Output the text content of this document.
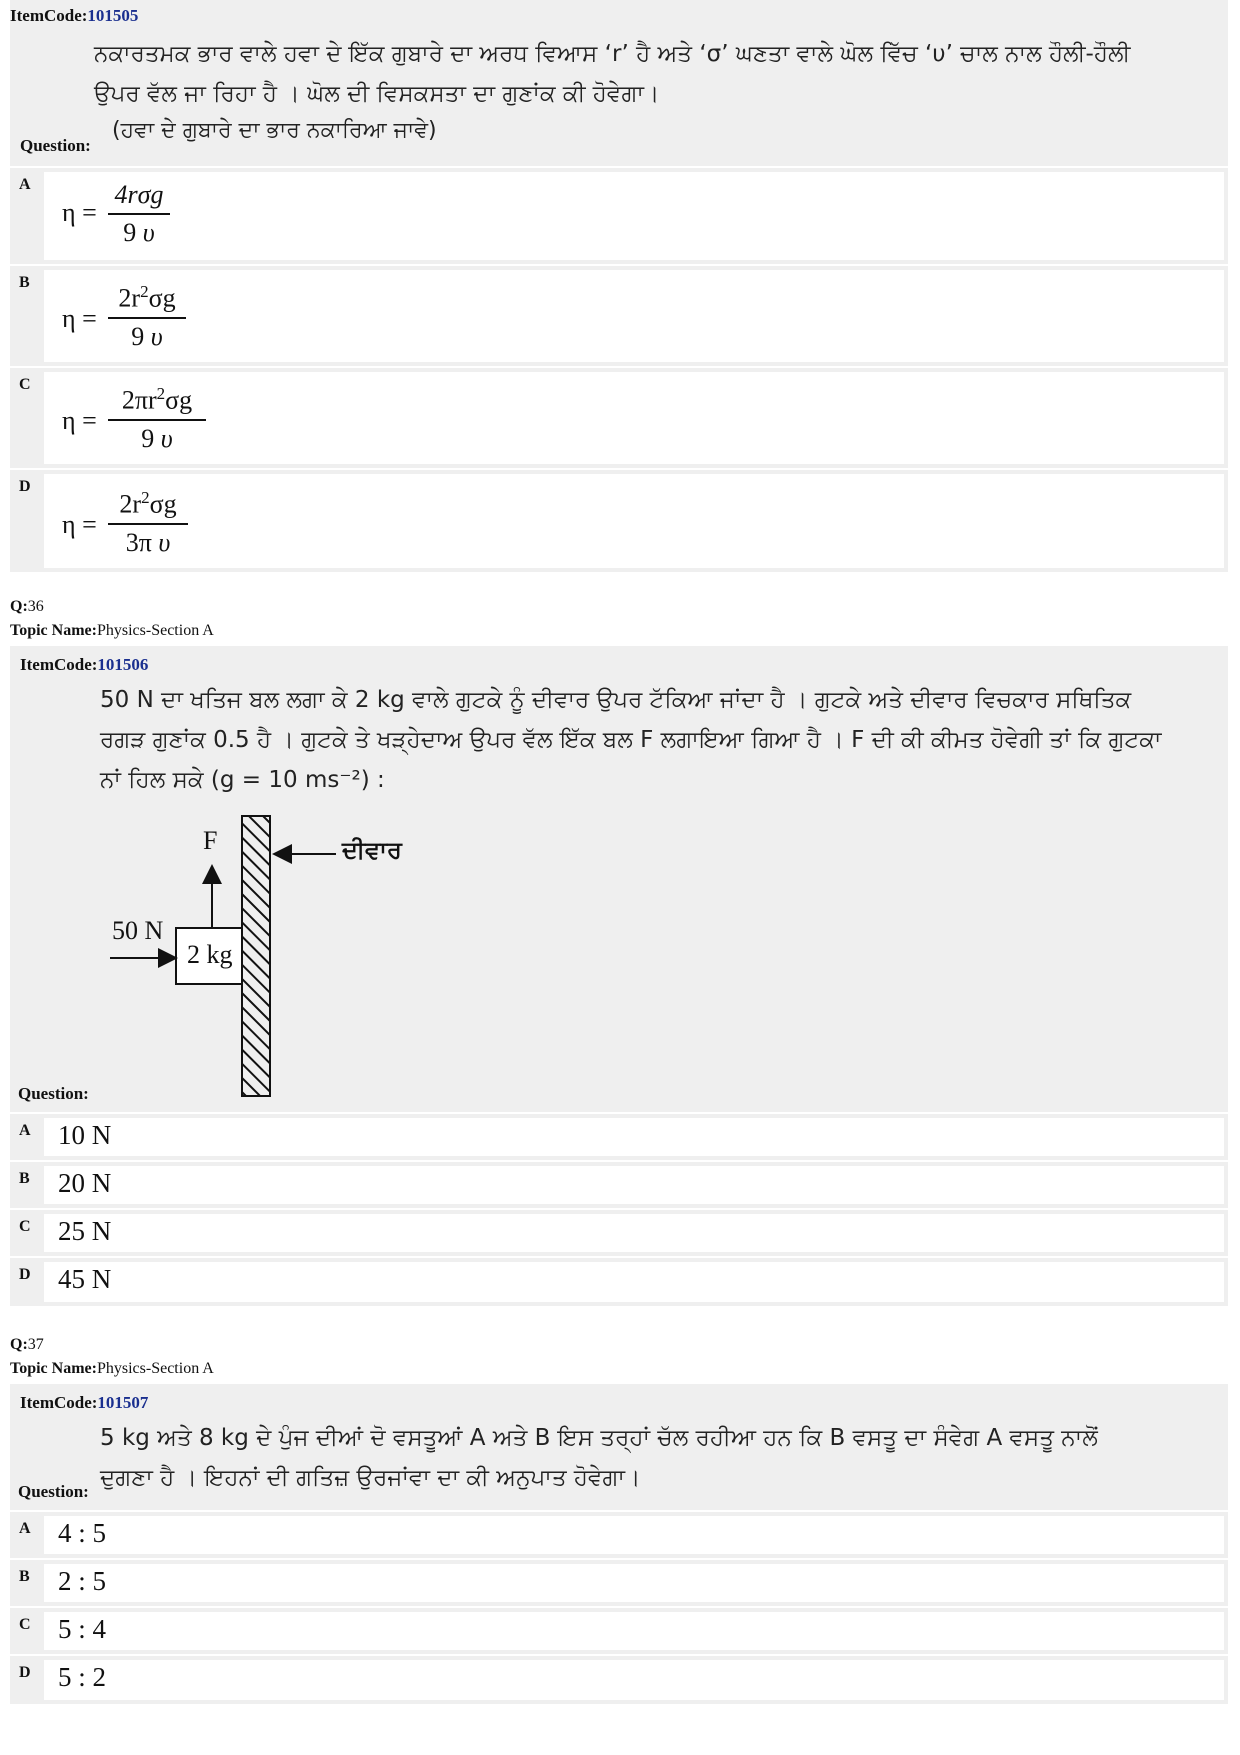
ItemCode:101505
ਨਕਾਰਤਮਕ ਭਾਰ ਵਾਲੇ ਹਵਾ ਦੇ ਇੱਕ ਗੁਬਾਰੇ ਦਾ ਅਰਧ ਵਿਆਸ ‘r’ ਹੈ ਅਤੇ ‘σ’ ਘਣਤਾ ਵਾਲੇ ਘੋਲ ਵਿੱਚ ‘υ’ ਚਾਲ ਨਾਲ ਹੌਲੀ-ਹੌਲੀ
ਉਪਰ ਵੱਲ ਜਾ ਰਿਹਾ ਹੈ । ਘੋਲ ਦੀ ਵਿਸਕਸਤਾ ਦਾ ਗੁਣਾਂਕ ਕੀ ਹੋਵੇਗਾ।
Question:
(ਹਵਾ ਦੇ ਗੁਬਾਰੇ ਦਾ ਭਾਰ ਨਕਾਰਿਆ ਜਾਵੇ)
A
η =
4rσg
9 υ
B
η =
$2r^2\sigma g$
9 υ
C
η =
$2\pi r^2\sigma g$
9 υ
D
η =
$2r^2\sigma g$
3π υ
Q:36
Topic Name:Physics-Section A
ItemCode:101506
50 N ਦਾ ਖਤਿਜ ਬਲ ਲਗਾ ਕੇ 2 kg ਵਾਲੇ ਗੁਟਕੇ ਨੂੰ ਦੀਵਾਰ ਉਪਰ ਟੱਕਿਆ ਜਾਂਦਾ ਹੈ । ਗੁਟਕੇ ਅਤੇ ਦੀਵਾਰ ਵਿਚਕਾਰ ਸਥਿਤਿਕ
ਰਗੜ ਗੁਣਾਂਕ 0.5 ਹੈ । ਗੁਟਕੇ ਤੇ ਖੜ੍ਹੇਦਾਅ ਉਪਰ ਵੱਲ ਇੱਕ ਬਲ F ਲਗਾਇਆ ਗਿਆ ਹੈ । F ਦੀ ਕੀ ਕੀਮਤ ਹੋਵੇਗੀ ਤਾਂ ਕਿ ਗੁਟਕਾ
ਨਾਂ ਹਿਲ ਸਕੇ (g = 10 ms⁻²) :
F	ਦੀਵਾਰ
50 N
2 kg
Question:
A 10 N
B 20 N
C 25 N
D 45 N
Q:37
Topic Name:Physics-Section A
ItemCode:101507
5 kg ਅਤੇ 8 kg ਦੇ ਪੁੰਜ ਦੀਆਂ ਦੋ ਵਸਤੂਆਂ A ਅਤੇ B ਇਸ ਤਰ੍ਹਾਂ ਚੱਲ ਰਹੀਆ ਹਨ ਕਿ B ਵਸਤੂ ਦਾ ਸੰਵੇਗ A ਵਸਤੂ ਨਾਲੋਂ
ਦੁਗਣਾ ਹੈ । ਇਹਨਾਂ ਦੀ ਗਤਿਜ਼ ਉਰਜਾਂਵਾ ਦਾ ਕੀ ਅਨੁਪਾਤ ਹੋਵੇਗਾ।
Question:
A 4 : 5
B 2 : 5
C 5 : 4
D 5 : 2
